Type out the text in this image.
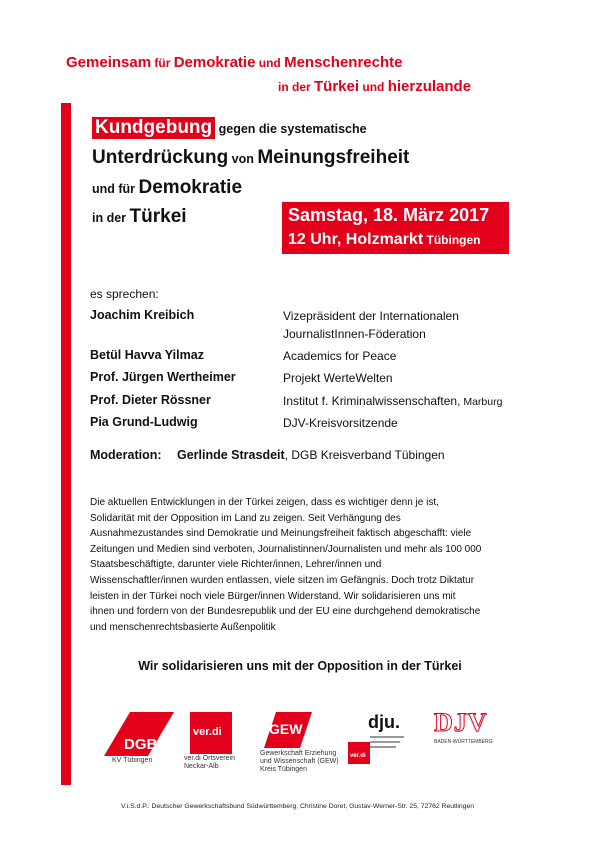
Gemeinsam für Demokratie und Menschenrechte
in der Türkei und hierzulande
Kundgebung gegen die systematische
Unterdrückung von Meinungsfreiheit
und für Demokratie
in der Türkei	Samstag, 18. März 2017
12 Uhr, Holzmarkt Tübingen
es sprechen:
Joachim Kreibich	Vizepräsident der Internationalen
JournalistInnen-Föderation
Betül Havva Yilmaz	Academics for Peace
Prof. Jürgen Wertheimer	Projekt WerteWelten
Prof. Dieter Rössner	Institut f. Kriminalwissenschaften, Marburg
Pia Grund-Ludwig	DJV-Kreisvorsitzende
Moderation: Gerlinde Strasdeit, DGB Kreisverband Tübingen
Die aktuellen Entwicklungen in der Türkei zeigen, dass es wichtiger denn je ist,
Solidarität mit der Opposition im Land zu zeigen. Seit Verhängung des
Ausnahmezustandes sind Demokratie und Meinungsfreiheit faktisch abgeschafft: viele
Zeitungen und Medien sind verboten, Journalistinnen/Journalisten und mehr als 100 000
Staatsbeschäftigte, darunter viele Richter/innen, Lehrer/innen und
Wissenschaftler/innen wurden entlassen, viele sitzen im Gefängnis. Doch trotz Diktatur
leisten in der Türkei noch viele Bürger/innen Widerstand. Wir solidarisieren uns mit
ihnen und fordern von der Bundesrepublik und der EU eine durchgehend demokratische
und menschenrechtsbasierte Außenpolitik
Wir solidarisieren uns mit der Opposition in der Türkei
DGB
KV Tübingen
ver.di
ver.di Ortsverein
Neckar-Alb
GEW
Gewerkschaft Erziehung
und Wissenschaft (GEW)
Kreis Tübingen
ver.di
dju. DJV
BADEN-WÜRTTEMBERG
V.i.S.d.P.: Deutscher Gewerkschaftsbund Südwürttemberg, Christine Doret, Gustav-Werner-Str. 25, 72762 Reutlingen
